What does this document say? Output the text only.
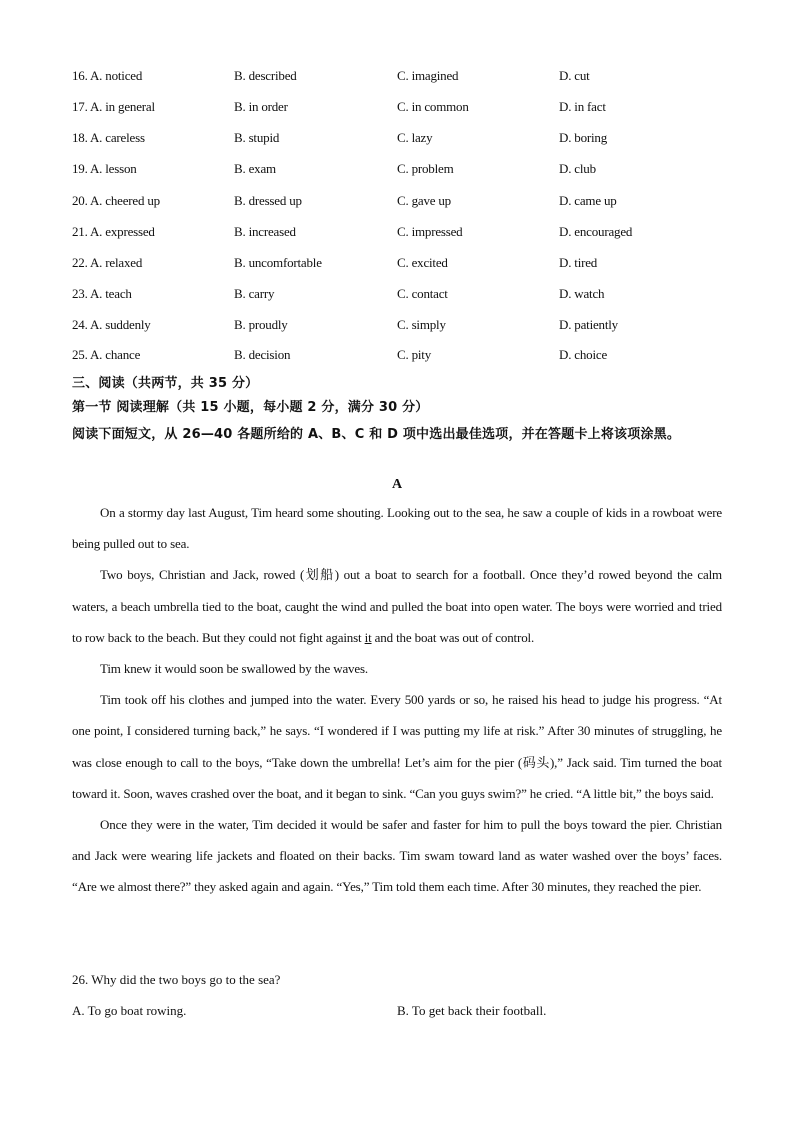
16. A. noticed	B. described	C. imagined	D. cut
17. A. in general	B. in order	C. in common	D. in fact
18. A. careless	B. stupid	C. lazy	D. boring
19. A. lesson	B. exam	C. problem	D. club
20. A. cheered up	B. dressed up	C. gave up	D. came up
21. A. expressed	B. increased	C. impressed	D. encouraged
22. A. relaxed	B. uncomfortable	C. excited	D. tired
23. A. teach	B. carry	C. contact	D. watch
24. A. suddenly	B. proudly	C. simply	D. patiently
25. A. chance	B. decision	C. pity	D. choice
三、阅读（共两节，共 35 分）
第一节 阅读理解（共 15 小题，每小题 2 分，满分 30 分）
阅读下面短文，从 26—40 各题所给的 A、B、C 和 D 项中选出最佳选项，并在答题卡上将该项涂黑。
A

On a stormy day last August, Tim heard some shouting. Looking out to the sea, he saw a couple of kids in a rowboat were being pulled out to sea.

Two boys, Christian and Jack, rowed (划船) out a boat to search for a football. Once they’d rowed beyond the calm waters, a beach umbrella tied to the boat, caught the wind and pulled the boat into open water. The boys were worried and tried to row back to the beach. But they could not fight against it and the boat was out of control.

Tim knew it would soon be swallowed by the waves.

Tim took off his clothes and jumped into the water. Every 500 yards or so, he raised his head to judge his progress. “At one point, I considered turning back,” he says. “I wondered if I was putting my life at risk.” After 30 minutes of struggling, he was close enough to call to the boys, “Take down the umbrella! Let’s aim for the pier (码头),” Jack said. Tim turned the boat toward it. Soon, waves crashed over the boat, and it began to sink. “Can you guys swim?” he cried. “A little bit,” the boys said.

Once they were in the water, Tim decided it would be safer and faster for him to pull the boys toward the pier. Christian and Jack were wearing life jackets and floated on their backs. Tim swam toward land as water washed over the boys’ faces. “Are we almost there?” they asked again and again. “Yes,” Tim told them each time. After 30 minutes, they reached the pier.

26. Why did the two boys go to the sea?
A. To go boat rowing.	B. To get back their football.
